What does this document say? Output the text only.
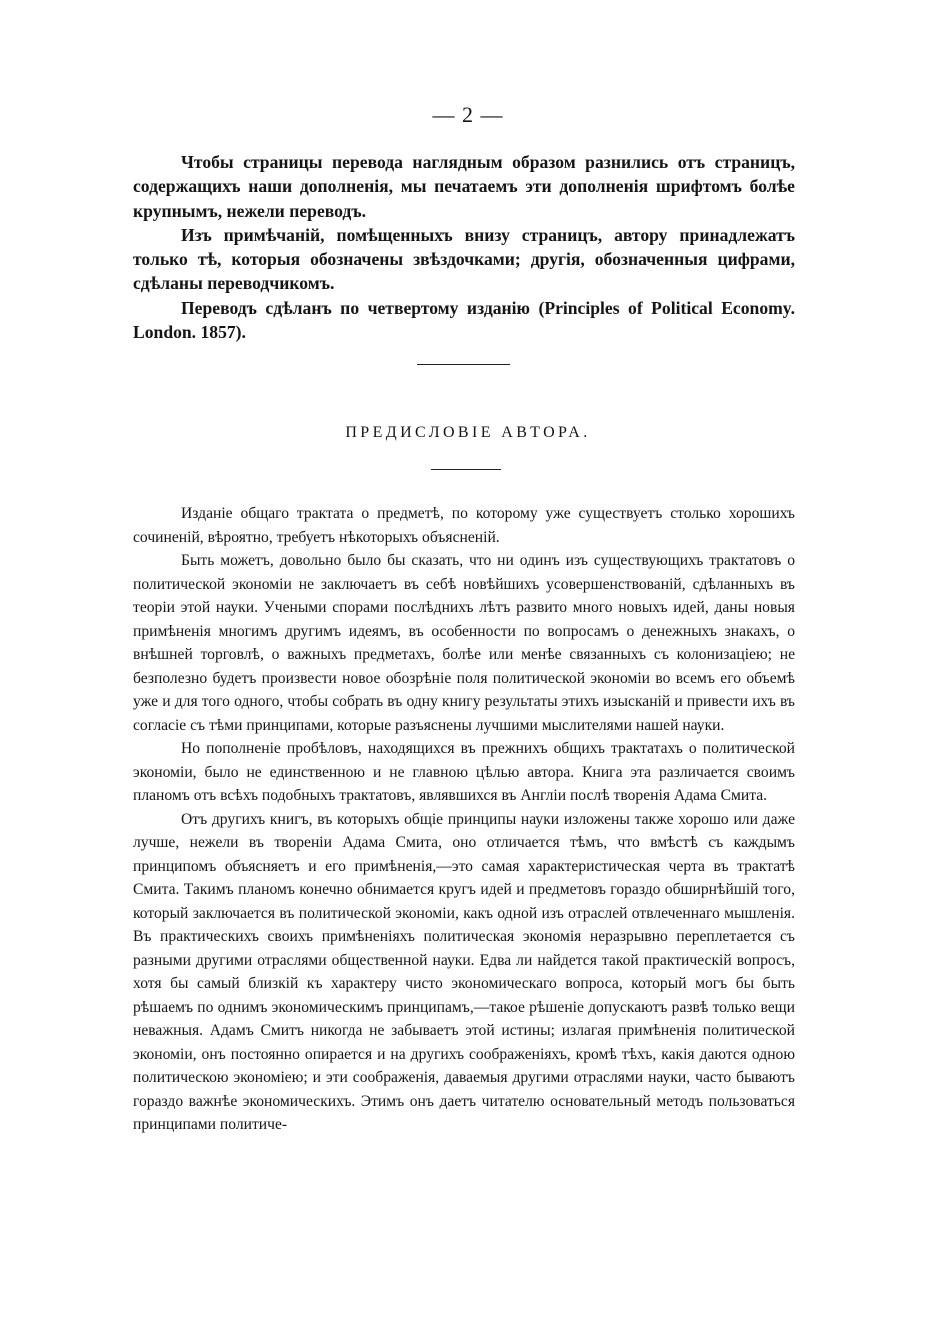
— 2 —

Чтобы страницы перевода наглядным образом разнились отъ страницъ, содержащихъ наши дополненія, мы печатаемъ эти дополненія шрифтомъ болѣе крупнымъ, нежели переводъ.

Изъ примѣчаній, помѣщенныхъ внизу страницъ, автору принадлежатъ только тѣ, которыя обозначены звѣздочками; другія, обозначенныя цифрами, сдѣланы переводчикомъ.

Переводъ сдѣланъ по четвертому изданію (Principles of Political Economy. London. 1857).

ПРЕДИСЛОВІЕ АВТОРА.

Изданіе общаго трактата о предметѣ, по которому уже существуетъ столько хорошихъ сочиненій, вѣроятно, требуетъ нѣкоторыхъ объясненій.

Быть можетъ, довольно было бы сказать, что ни одинъ изъ существующихъ трактатовъ о политической экономіи не заключаетъ въ себѣ новѣйшихъ усовершенствованій, сдѣланныхъ въ теоріи этой науки. Учеными спорами послѣднихъ лѣтъ развито много новыхъ идей, даны новыя примѣненія многимъ другимъ идеямъ, въ особенности по вопросамъ о денежныхъ знакахъ, о внѣшней торговлѣ, о важныхъ предметахъ, болѣе или менѣе связанныхъ съ колонизаціею; не безполезно будетъ произвести новое обозрѣніе поля политической экономіи во всемъ его объемѣ уже и для того одного, чтобы собрать въ одну книгу результаты этихъ изысканій и привести ихъ въ согласіе съ тѣми принципами, которые разъяснены лучшими мыслителями нашей науки.

Но пополненіе пробѣловъ, находящихся въ прежнихъ общихъ трактатахъ о политической экономіи, было не единственною и не главною цѣлью автора. Книга эта различается своимъ планомъ отъ всѣхъ подобныхъ трактатовъ, являвшихся въ Англіи послѣ творенія Адама Смита.

Отъ другихъ книгъ, въ которыхъ общіе принципы науки изложены также хорошо или даже лучше, нежели въ твореніи Адама Смита, оно отличается тѣмъ, что вмѣстѣ съ каждымъ принципомъ объясняетъ и его примѣненія,—это самая характеристическая черта въ трактатѣ Смита. Такимъ планомъ конечно обнимается кругъ идей и предметовъ гораздо обширнѣйшій того, который заключается въ политической экономіи, какъ одной изъ отраслей отвлеченнаго мышленія. Въ практическихъ своихъ примѣненіяхъ политическая экономія неразрывно переплетается съ разными другими отраслями общественной науки. Едва ли найдется такой практическій вопросъ, хотя бы самый близкій къ характеру чисто экономическаго вопроса, который могъ бы быть рѣшаемъ по однимъ экономическимъ принципамъ,—такое рѣшеніе допускаютъ развѣ только вещи неважныя. Адамъ Смитъ никогда не забываетъ этой истины; излагая примѣненія политической экономіи, онъ постоянно опирается и на другихъ соображеніяхъ, кромѣ тѣхъ, какія даются одною политическою экономіею; и эти соображенія, даваемыя другими отраслями науки, часто бываютъ гораздо важнѣе экономическихъ. Этимъ онъ даетъ читателю основательный методъ пользоваться принципами политиче-
